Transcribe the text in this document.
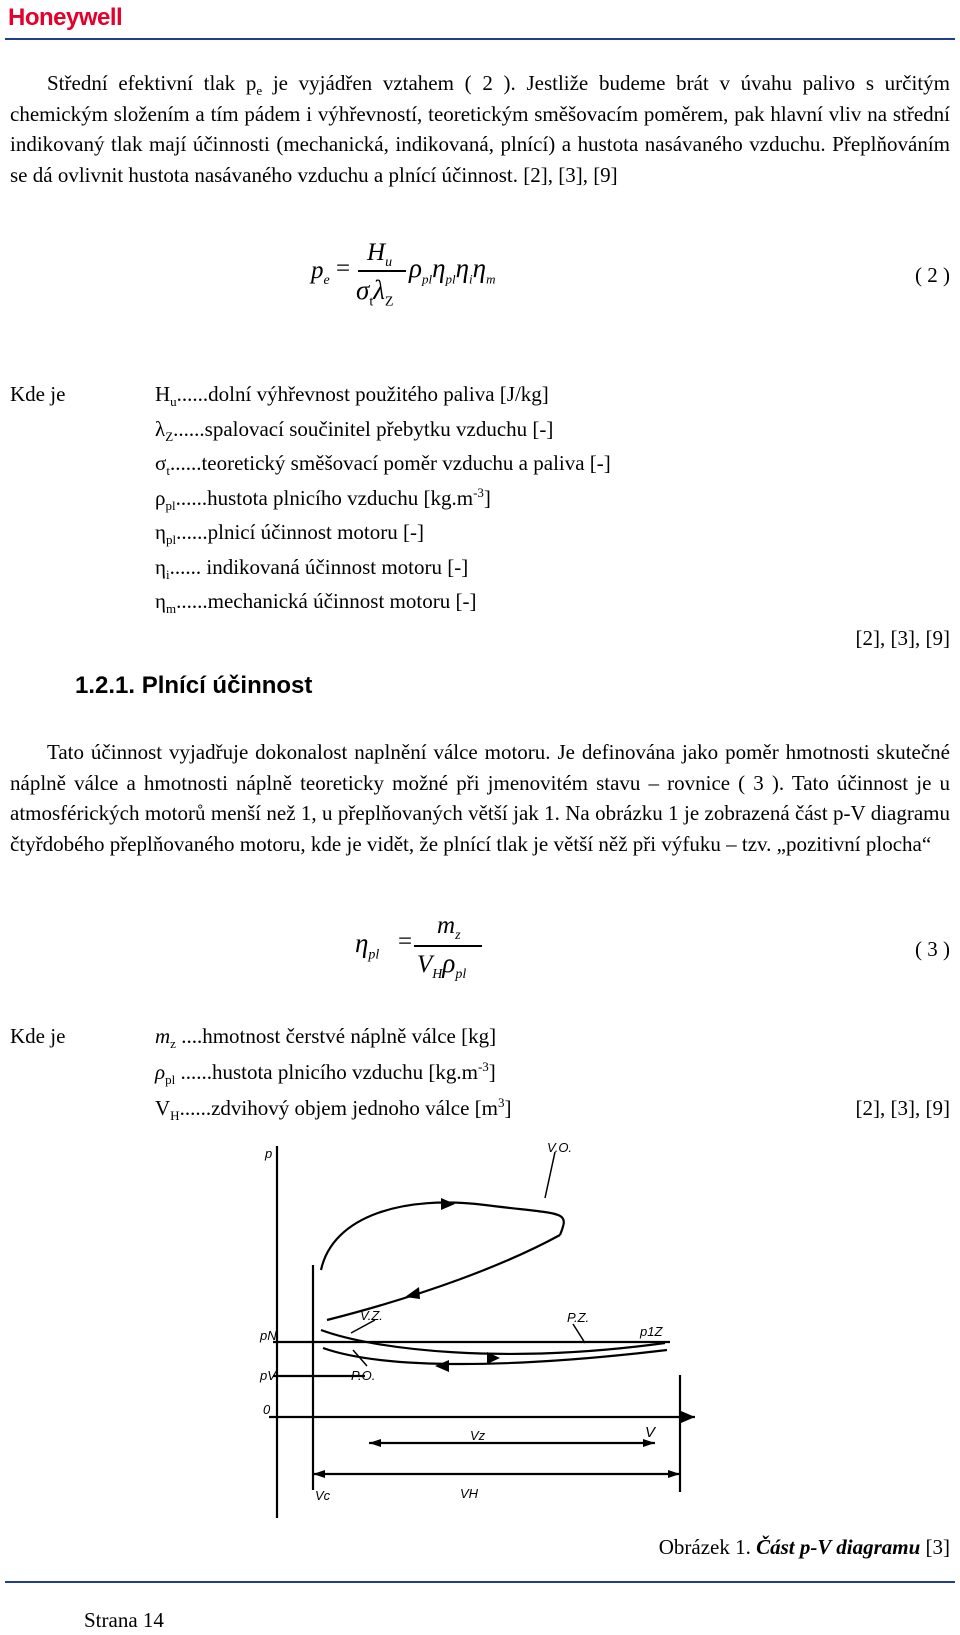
Honeywell
Střední efektivní tlak $p_e$ je vyjádřen vztahem ( 2 ). Jestliže budeme brát v úvahu palivo s určitým chemickým složením a tím pádem i výhřevností, teoretickým směšovacím poměrem, pak hlavní vliv na střední indikovaný tlak mají účinnosti (mechanická, indikovaná, plnící) a hustota nasávaného vzduchu. Přeplňováním se dá ovlivnit hustota nasávaného vzduchu a plnící účinnost. [2], [3], [9]
$p_e$ =
$H_u$
$\sigma_t\lambda_Z$
$\rho_{pl}\eta_{pl}\eta_i\eta_m$	( 2 )
Kde je	$H_u......dolní$ výhřevnost použitého paliva [J/kg]
$\lambda_Z......spalovací$ součinitel přebytku vzduchu [-]
$\sigma_t......teoretický$ směšovací poměr vzduchu a paliva [-]
$\rho_{pl}......hustota$ plnicího vzduchu $[kg.m^{-3}]$
$\eta_{pl}......plnicí$ účinnost motoru [-]
$\eta_i$...... indikovaná účinnost motoru [-]
$\eta_m......mechanická$ účinnost motoru [-]
[2], [3], [9]
1.2.1. Plnící účinnost
Tato účinnost vyjadřuje dokonalost naplnění válce motoru. Je definována jako poměr hmotnosti skutečné náplně válce a hmotnosti náplně teoreticky možné při jmenovitém stavu – rovnice ( 3 ). Tato účinnost je u atmosférických motorů menší než 1, u přeplňovaných větší jak 1. Na obrázku 1 je zobrazená část p-V diagramu čtyřdobého přeplňovaného motoru, kde je vidět, že plnící tlak je větší něž při výfuku – tzv. „pozitivní plocha“
$\eta_{pl}$ =
$m_z$
$V_H\rho_{pl}$
( 3 )
Kde je	$m_z$ ....hmotnost čerstvé náplně válce [kg]
$\rho_{pl}$ ......hustota plnicího vzduchu $[kg.m^{-3}]$
$V_H......zdvihový$ objem jednoho válce $[m^3]$	[2], [3], [9]
p	V.O.
P.Z.
p1Z
V.Z.
P.O.
pN
pV
0
V
Vz
Vc	VH
Obrázek 1. Část p-V diagramu [3]
Strana 14
